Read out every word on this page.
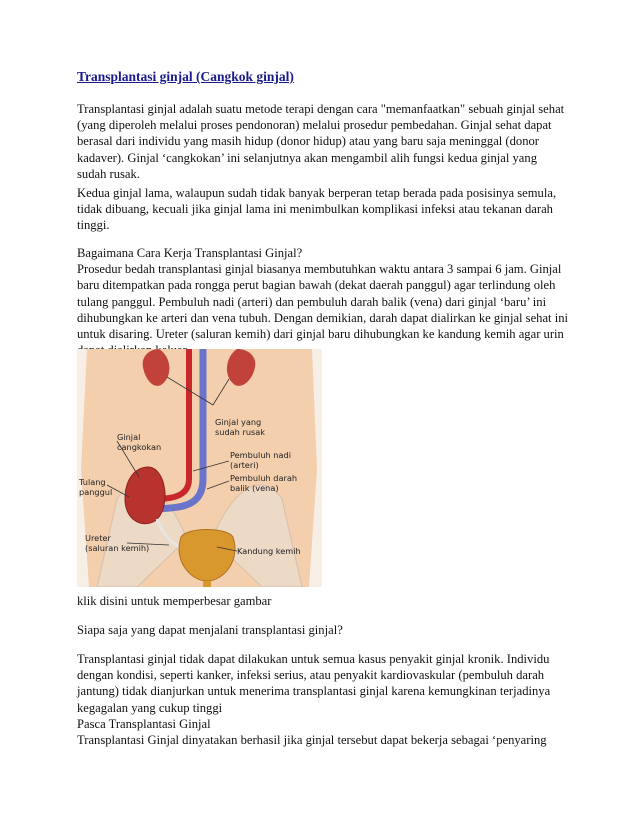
Transplantasi ginjal (Cangkok ginjal)

Transplantasi ginjal adalah suatu metode terapi dengan cara "memanfaatkan" sebuah ginjal sehat
(yang diperoleh melalui proses pendonoran) melalui prosedur pembedahan. Ginjal sehat dapat
berasal dari individu yang masih hidup (donor hidup) atau yang baru saja meninggal (donor
kadaver). Ginjal ‘cangkokan’ ini selanjutnya akan mengambil alih fungsi kedua ginjal yang
sudah rusak.

Kedua ginjal lama, walaupun sudah tidak banyak berperan tetap berada pada posisinya semula,
tidak dibuang, kecuali jika ginjal lama ini menimbulkan komplikasi infeksi atau tekanan darah
tinggi.

Bagaimana Cara Kerja Transplantasi Ginjal?
Prosedur bedah transplantasi ginjal biasanya membutuhkan waktu antara 3 sampai 6 jam. Ginjal
baru ditempatkan pada rongga perut bagian bawah (dekat daerah panggul) agar terlindung oleh
tulang panggul. Pembuluh nadi (arteri) dan pembuluh darah balik (vena) dari ginjal ‘baru’ ini
dihubungkan ke arteri dan vena tubuh. Dengan demikian, darah dapat dialirkan ke ginjal sehat ini
untuk disaring. Ureter (saluran kemih) dari ginjal baru dihubungkan ke kandung kemih agar urin

Ginjal yang
sudah rusak
Ginjal
cangkokan
Tulang
panggul
Pembuluh nadi
(arteri)
Pembuluh darah
balik (vena)
Kandung kemih
Ureter
(saluran kemih)

klik disini untuk memperbesar gambar

Siapa saja yang dapat menjalani transplantasi ginjal?

Transplantasi ginjal tidak dapat dilakukan untuk semua kasus penyakit ginjal kronik. Individu
dengan kondisi, seperti kanker, infeksi serius, atau penyakit kardiovaskular (pembuluh darah
jantung) tidak dianjurkan untuk menerima transplantasi ginjal karena kemungkinan terjadinya
kegagalan yang cukup tinggi

Pasca Transplantasi Ginjal
Transplantasi Ginjal dinyatakan berhasil jika ginjal tersebut dapat bekerja sebagai ‘penyaring
